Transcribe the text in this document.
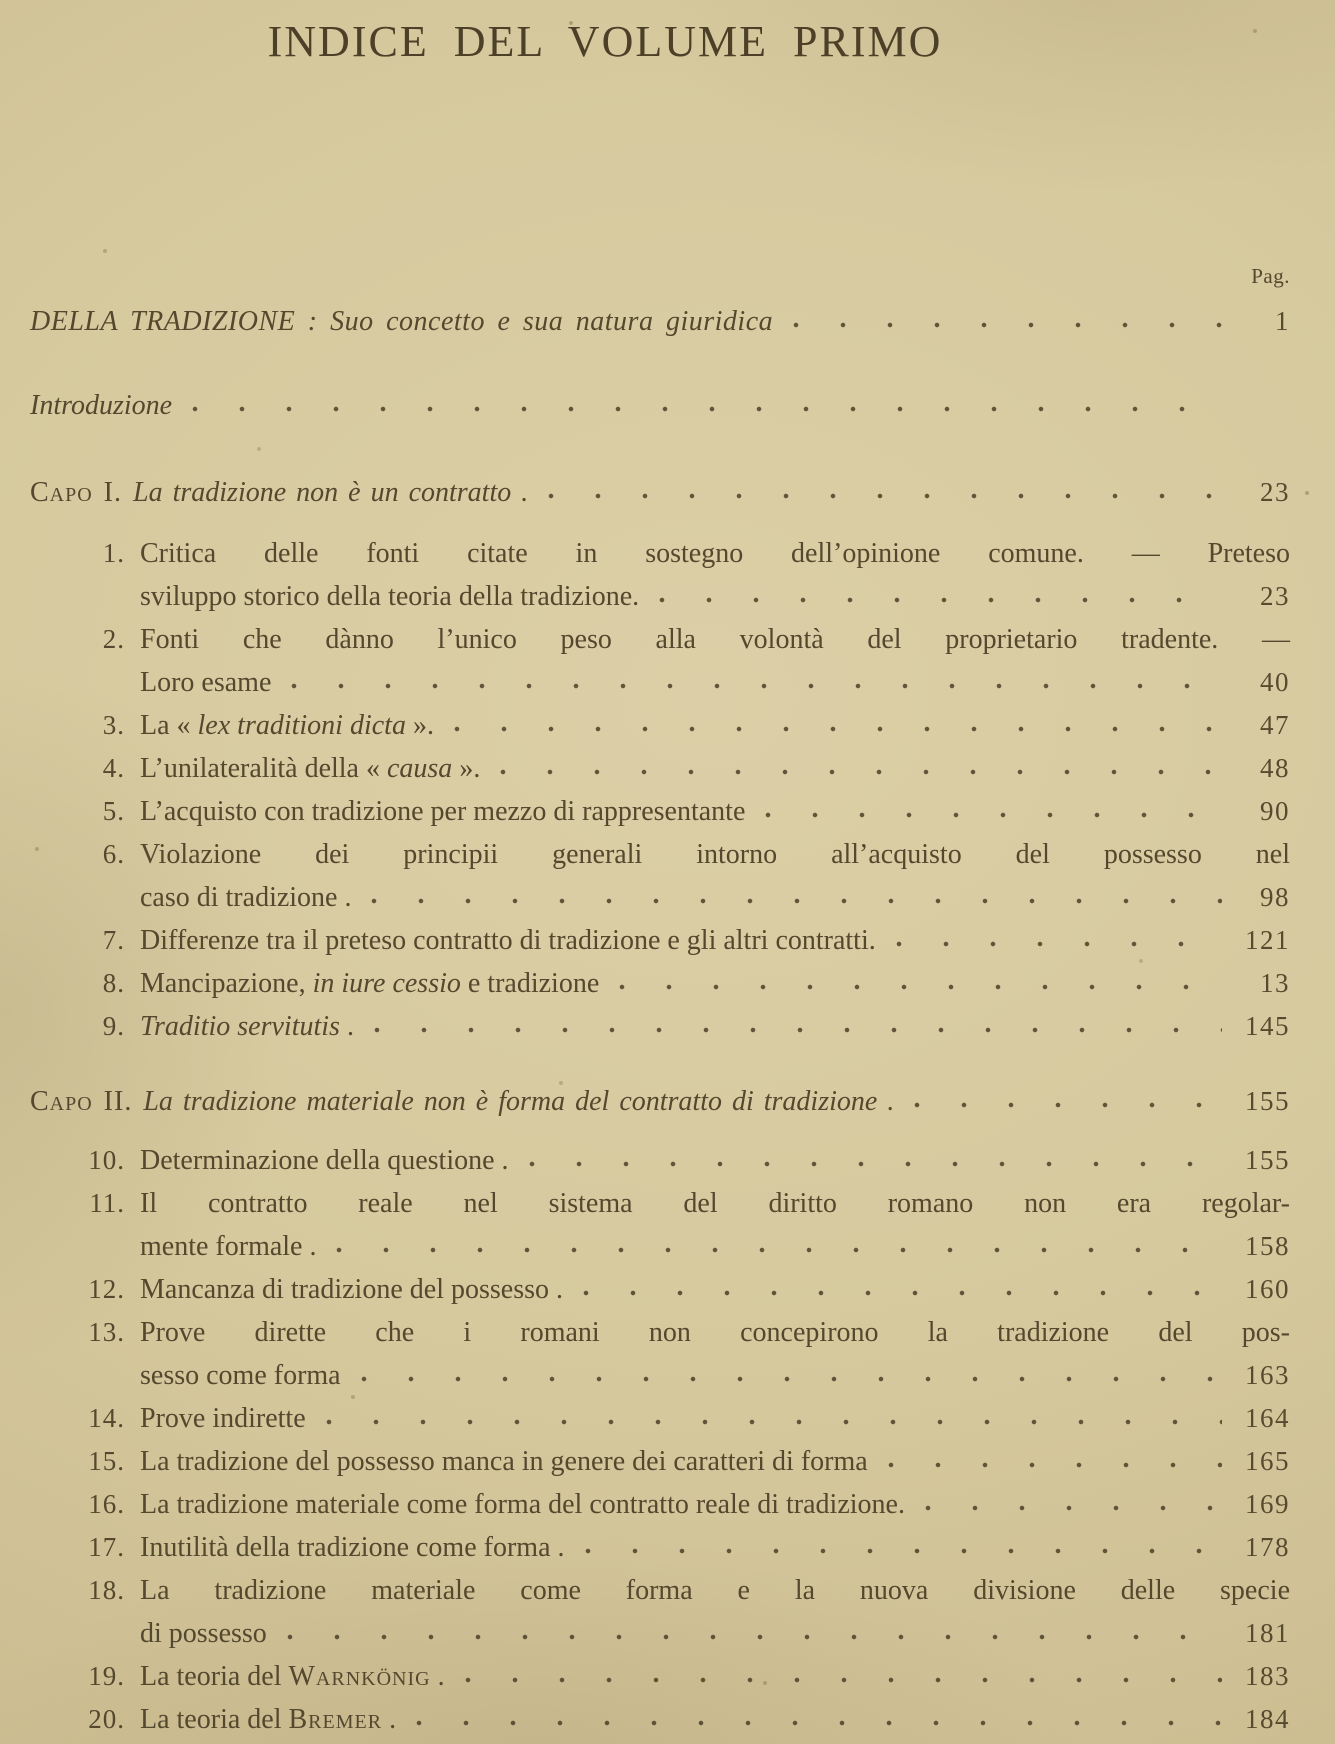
INDICE DEL VOLUME PRIMO
Pag.
DELLA TRADIZIONE : Suo concetto e sua natura giuridica	1
Introduzione
Capo I. La tradizione non è un contratto .	23
1. Critica delle fonti citate in sostegno dell’opinione comune. — Preteso
sviluppo storico della teoria della tradizione.	23
2. Fonti che dànno l’unico peso alla volontà del proprietario tradente. —
Loro esame	40
3. La « lex traditioni dicta ».	47
4. L’unilateralità della « causa ».	48
5. L’acquisto con tradizione per mezzo di rappresentante	90
6. Violazione dei principii generali intorno all’acquisto del possesso nel
caso di tradizione .	98
7. Differenze tra il preteso contratto di tradizione e gli altri contratti.	121
8. Mancipazione, in iure cessio e tradizione	13
9. Traditio servitutis .	145
Capo II. La tradizione materiale non è forma del contratto di tradizione .	155
10. Determinazione della questione .	155
11. Il contratto reale nel sistema del diritto romano non era regolar-
mente formale .	158
12. Mancanza di tradizione del possesso .	160
13. Prove dirette che i romani non concepirono la tradizione del pos-
sesso come forma	163
14. Prove indirette	164
15. La tradizione del possesso manca in genere dei caratteri di forma	165
16. La tradizione materiale come forma del contratto reale di tradizione.	169
17. Inutilità della tradizione come forma .	178
18. La tradizione materiale come forma e la nuova divisione delle specie
di possesso	181
19. La teoria del Warnkönig .	183
20. La teoria del Bremer .	184
